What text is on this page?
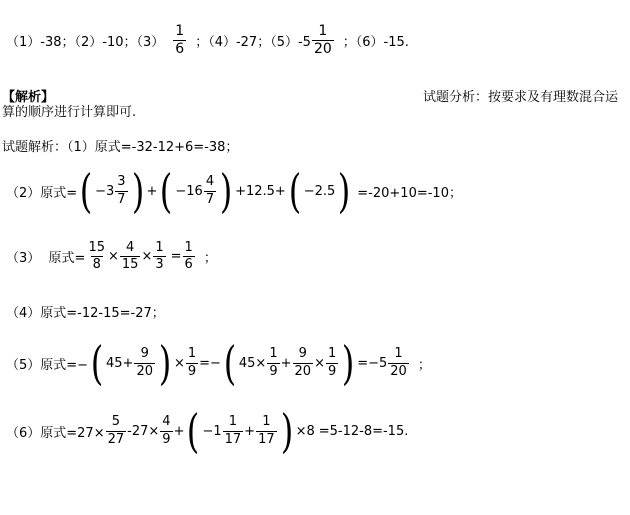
（1）-38；（2）-10；$(3) \frac{1}{6}$ ；（4）-27；$(5)-5 \frac{1}{20}$ ；（6）-15.
【解析】	试题分析：按要求及有理数混合运
算的顺序进行计算即可.
试题解析：（1）原式=-32-12+6=-38；
（2）原式= ( $-3 \frac{3}{7}$ ) + ( $-16 \frac{4}{7}$ ) +12.5+ ( −2.5 ) =-20+10=-10；
（3）  原式= $\frac{15}{8} \times \frac{4}{15} \times \frac{1}{3} = \frac{1}{6}$ ；
（4）原式=-12-15=-27；
（5）原式=− ( $45+ \frac{9}{20}$ ) × $\frac{1}{9}$ =− ( $45\times \frac{1}{9} + \frac{9}{20} \times \frac{1}{9}$ ) $=-5 \frac{1}{20}$ ；
（6）原式$=27\times \frac{5}{27} -27\times \frac{4}{9}$ + ( $-1 \frac{1}{17} + \frac{1}{17}$ ) ×8 =5-12-8=-15.
